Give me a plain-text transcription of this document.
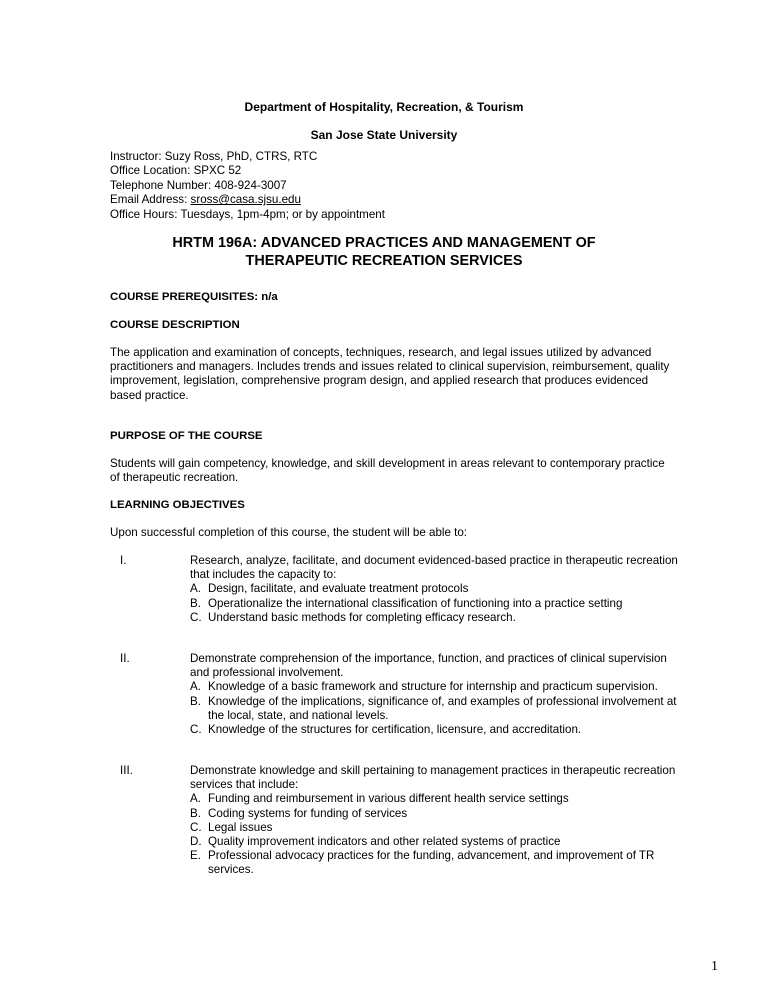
Department of Hospitality, Recreation, & Tourism
San Jose State University
Instructor: Suzy Ross, PhD, CTRS, RTC
Office Location: SPXC 52
Telephone Number: 408-924-3007
Email Address: sross@casa.sjsu.edu
Office Hours: Tuesdays, 1pm-4pm; or by appointment
HRTM 196A: ADVANCED PRACTICES AND MANAGEMENT OF THERAPEUTIC RECREATION SERVICES
COURSE PREREQUISITES: n/a
COURSE DESCRIPTION
The application and examination of concepts, techniques, research, and legal issues utilized by advanced practitioners and managers. Includes trends and issues related to clinical supervision, reimbursement, quality improvement, legislation, comprehensive program design, and applied research that produces evidenced based practice.
PURPOSE OF THE COURSE
Students will gain competency, knowledge, and skill development in areas relevant to contemporary practice of therapeutic recreation.
LEARNING OBJECTIVES
Upon successful completion of this course, the student will be able to:
I.	Research, analyze, facilitate, and document evidenced-based practice in therapeutic recreation that includes the capacity to:
A. Design, facilitate, and evaluate treatment protocols
B. Operationalize the international classification of functioning into a practice setting
C. Understand basic methods for completing efficacy research.
II.	Demonstrate comprehension of the importance, function, and practices of clinical supervision and professional involvement.
A. Knowledge of a basic framework and structure for internship and practicum supervision.
B. Knowledge of the implications, significance of, and examples of professional involvement at the local, state, and national levels.
C. Knowledge of the structures for certification, licensure, and accreditation.
III.	Demonstrate knowledge and skill pertaining to management practices in therapeutic recreation services that include:
A. Funding and reimbursement in various different health service settings
B. Coding systems for funding of services
C. Legal issues
D. Quality improvement indicators and other related systems of practice
E. Professional advocacy practices for the funding, advancement, and improvement of TR services.
1
